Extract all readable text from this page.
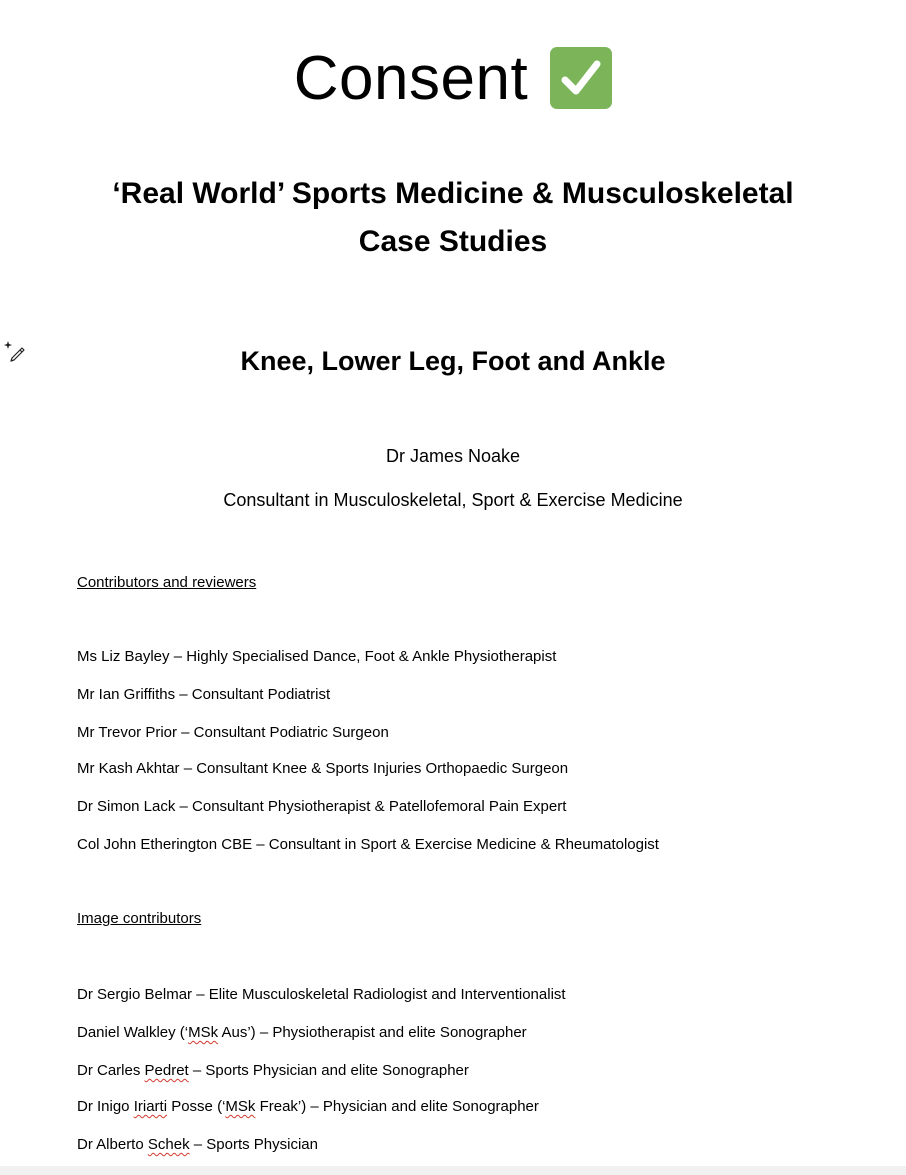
Consent
‘Real World’ Sports Medicine & Musculoskeletal
Case Studies
Knee, Lower Leg, Foot and Ankle
Dr James Noake
Consultant in Musculoskeletal, Sport & Exercise Medicine
Contributors and reviewers
Ms Liz Bayley – Highly Specialised Dance, Foot & Ankle Physiotherapist
Mr Ian Griffiths – Consultant Podiatrist
Mr Trevor Prior – Consultant Podiatric Surgeon
Mr Kash Akhtar – Consultant Knee & Sports Injuries Orthopaedic Surgeon
Dr Simon Lack – Consultant Physiotherapist & Patellofemoral Pain Expert
Col John Etherington CBE – Consultant in Sport & Exercise Medicine & Rheumatologist
Image contributors
Dr Sergio Belmar – Elite Musculoskeletal Radiologist and Interventionalist
Daniel Walkley (‘MSk Aus’) – Physiotherapist and elite Sonographer
Dr Carles Pedret – Sports Physician and elite Sonographer
Dr Inigo Iriarti Posse (‘MSk Freak’) – Physician and elite Sonographer
Dr Alberto Schek – Sports Physician
